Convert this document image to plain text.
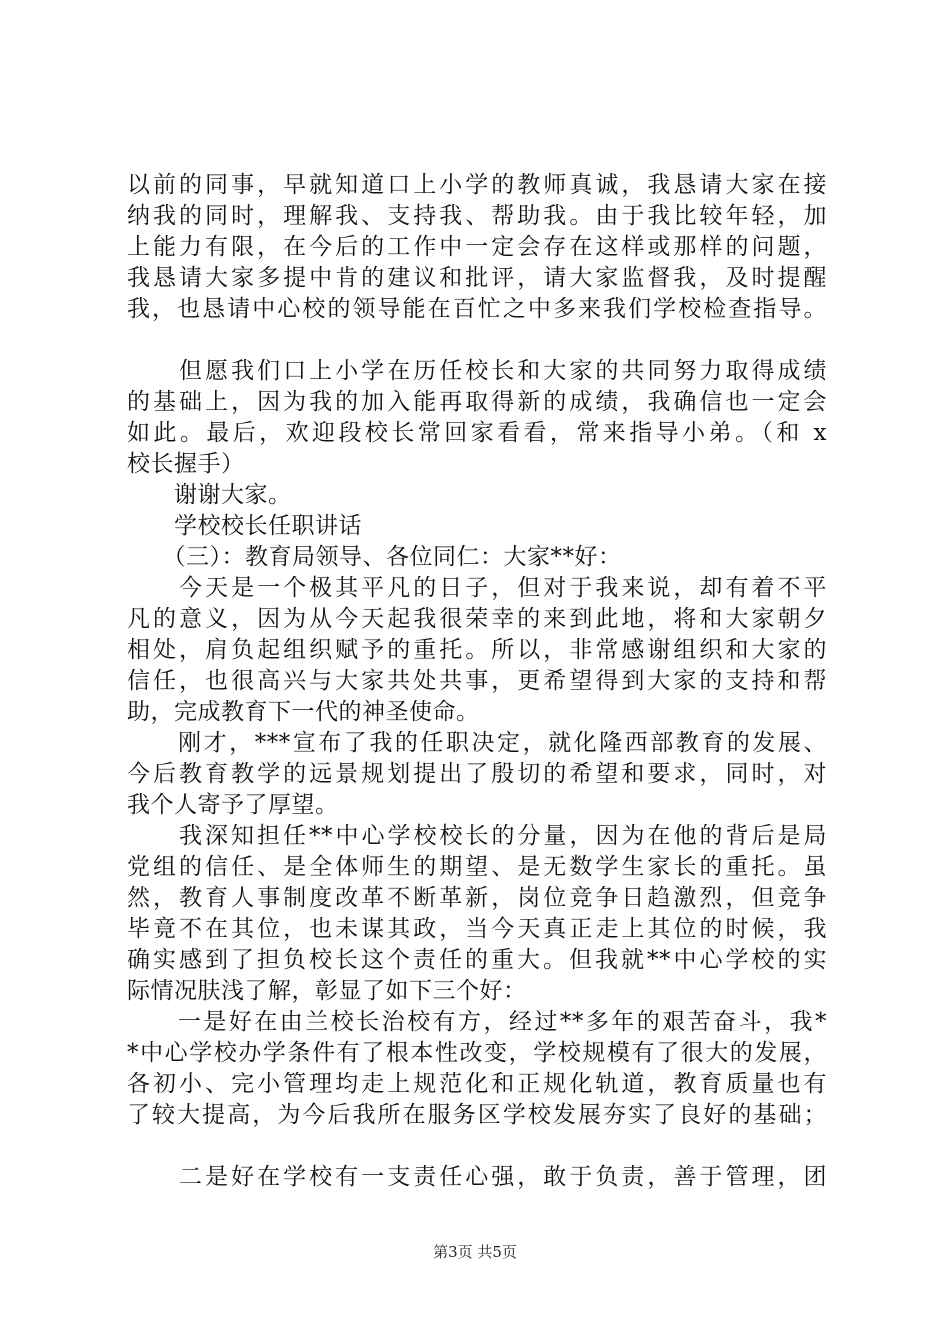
以前的同事，早就知道口上小学的教师真诚，我恳请大家在接
纳我的同时，理解我、支持我、帮助我。由于我比较年轻，加
上能力有限，在今后的工作中一定会存在这样或那样的问题，
我恳请大家多提中肯的建议和批评，请大家监督我，及时提醒
我，也恳请中心校的领导能在百忙之中多来我们学校检查指导。
　　但愿我们口上小学在历任校长和大家的共同努力取得成绩
的基础上，因为我的加入能再取得新的成绩，我确信也一定会
如此。最后，欢迎段校长常回家看看，常来指导小弟。（和 x
校长握手）
　　谢谢大家。
　　学校校长任职讲话
　　（三）：教育局领导、各位同仁：大家**好：
　　今天是一个极其平凡的日子，但对于我来说，却有着不平
凡的意义，因为从今天起我很荣幸的来到此地，将和大家朝夕
相处，肩负起组织赋予的重托。所以，非常感谢组织和大家的
信任，也很高兴与大家共处共事，更希望得到大家的支持和帮
助，完成教育下一代的神圣使命。
　　刚才，***宣布了我的任职决定，就化隆西部教育的发展、
今后教育教学的远景规划提出了殷切的希望和要求，同时，对
我个人寄予了厚望。
　　我深知担任**中心学校校长的分量，因为在他的背后是局
党组的信任、是全体师生的期望、是无数学生家长的重托。虽
然，教育人事制度改革不断革新，岗位竞争日趋激烈，但竞争
毕竟不在其位，也未谋其政，当今天真正走上其位的时候，我
确实感到了担负校长这个责任的重大。但我就**中心学校的实
际情况肤浅了解，彰显了如下三个好：
　　一是好在由兰校长治校有方，经过**多年的艰苦奋斗，我*
*中心学校办学条件有了根本性改变，学校规模有了很大的发展，
各初小、完小管理均走上规范化和正规化轨道，教育质量也有
了较大提高，为今后我所在服务区学校发展夯实了良好的基础；
　　二是好在学校有一支责任心强，敢于负责，善于管理，团
第3页 共5页
